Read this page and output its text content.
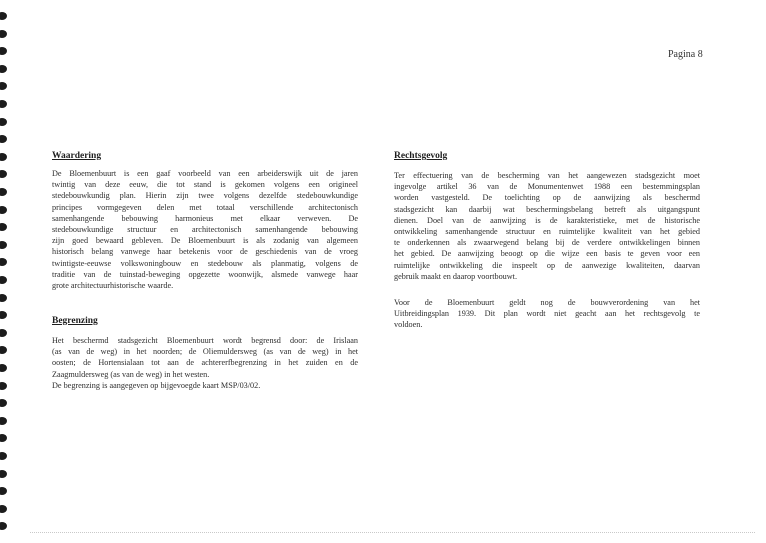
Pagina 8
Waardering
De Bloemenbuurt is een gaaf voorbeeld van een arbeiderswijk uit de jaren
twintig van deze eeuw, die tot stand is gekomen volgens een origineel
stedebouwkundig plan. Hierin zijn twee volgens dezelfde stedebouwkundige
principes vormgegeven delen met totaal verschillende architectonisch
samenhangende bebouwing harmonieus met elkaar verweven. De
stedebouwkundige structuur en architectonisch samenhangende bebouwing
zijn goed bewaard gebleven. De Bloemenbuurt is als zodanig van algemeen
historisch belang vanwege haar betekenis voor de geschiedenis van de vroeg
twintigste-eeuwse volkswoningbouw en stedebouw als planmatig, volgens de
traditie van de tuinstad-beweging opgezette woonwijk, alsmede vanwege haar
grote architectuurhistorische waarde.
Begrenzing
Het beschermd stadsgezicht Bloemenbuurt wordt begrensd door: de Irislaan
(as van de weg) in het noorden; de Oliemuldersweg (as van de weg) in het
oosten; de Hortensialaan tot aan de achtererfbegrenzing in het zuiden en de
Zaagmuldersweg (as van de weg) in het westen.
De begrenzing is aangegeven op bijgevoegde kaart MSP/03/02.
Rechtsgevolg
Ter effectuering van de bescherming van het aangewezen stadsgezicht moet
ingevolge artikel 36 van de Monumentenwet 1988 een bestemmingsplan
worden vastgesteld. De toelichting op de aanwijzing als beschermd
stadsgezicht kan daarbij wat beschermingsbelang betreft als uitgangspunt
dienen. Doel van de aanwijzing is de karakteristieke, met de historische
ontwikkeling samenhangende structuur en ruimtelijke kwaliteit van het gebied
te onderkennen als zwaarwegend belang bij de verdere ontwikkelingen binnen
het gebied. De aanwijzing beoogt op die wijze een basis te geven voor een
ruimtelijke ontwikkeling die inspeelt op de aanwezige kwaliteiten, daarvan
gebruik maakt en daarop voortbouwt.
Voor de Bloemenbuurt geldt nog de bouwverordening van het
Uitbreidingsplan 1939. Dit plan wordt niet geacht aan het rechtsgevolg te
voldoen.
